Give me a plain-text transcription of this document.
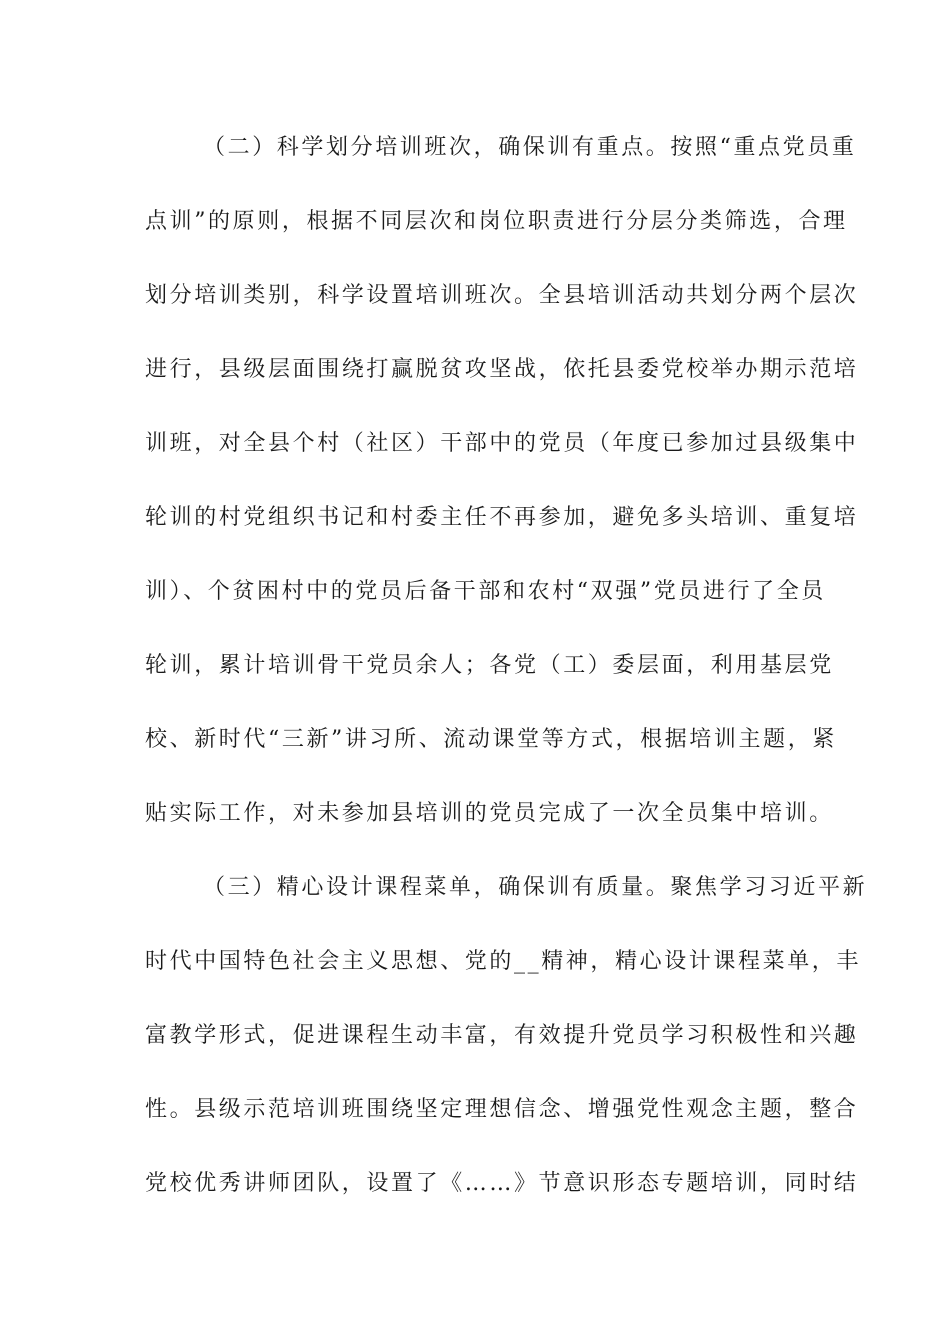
（二）科学划分培训班次，确保训有重点。按照“重点党员重
点训”的原则，根据不同层次和岗位职责进行分层分类筛选，合理
划分培训类别，科学设置培训班次。全县培训活动共划分两个层次
进行，县级层面围绕打赢脱贫攻坚战，依托县委党校举办期示范培
训班，对全县个村（社区）干部中的党员（年度已参加过县级集中
轮训的村党组织书记和村委主任不再参加，避免多头培训、重复培
训）、个贫困村中的党员后备干部和农村“双强”党员进行了全员
轮训，累计培训骨干党员余人；各党（工）委层面，利用基层党
校、新时代“三新”讲习所、流动课堂等方式，根据培训主题，紧
贴实际工作，对未参加县培训的党员完成了一次全员集中培训。
（三）精心设计课程菜单，确保训有质量。聚焦学习习近平新
时代中国特色社会主义思想、党的__精神，精心设计课程菜单，丰
富教学形式，促进课程生动丰富，有效提升党员学习积极性和兴趣
性。县级示范培训班围绕坚定理想信念、增强党性观念主题，整合
党校优秀讲师团队，设置了《……》节意识形态专题培训，同时结
